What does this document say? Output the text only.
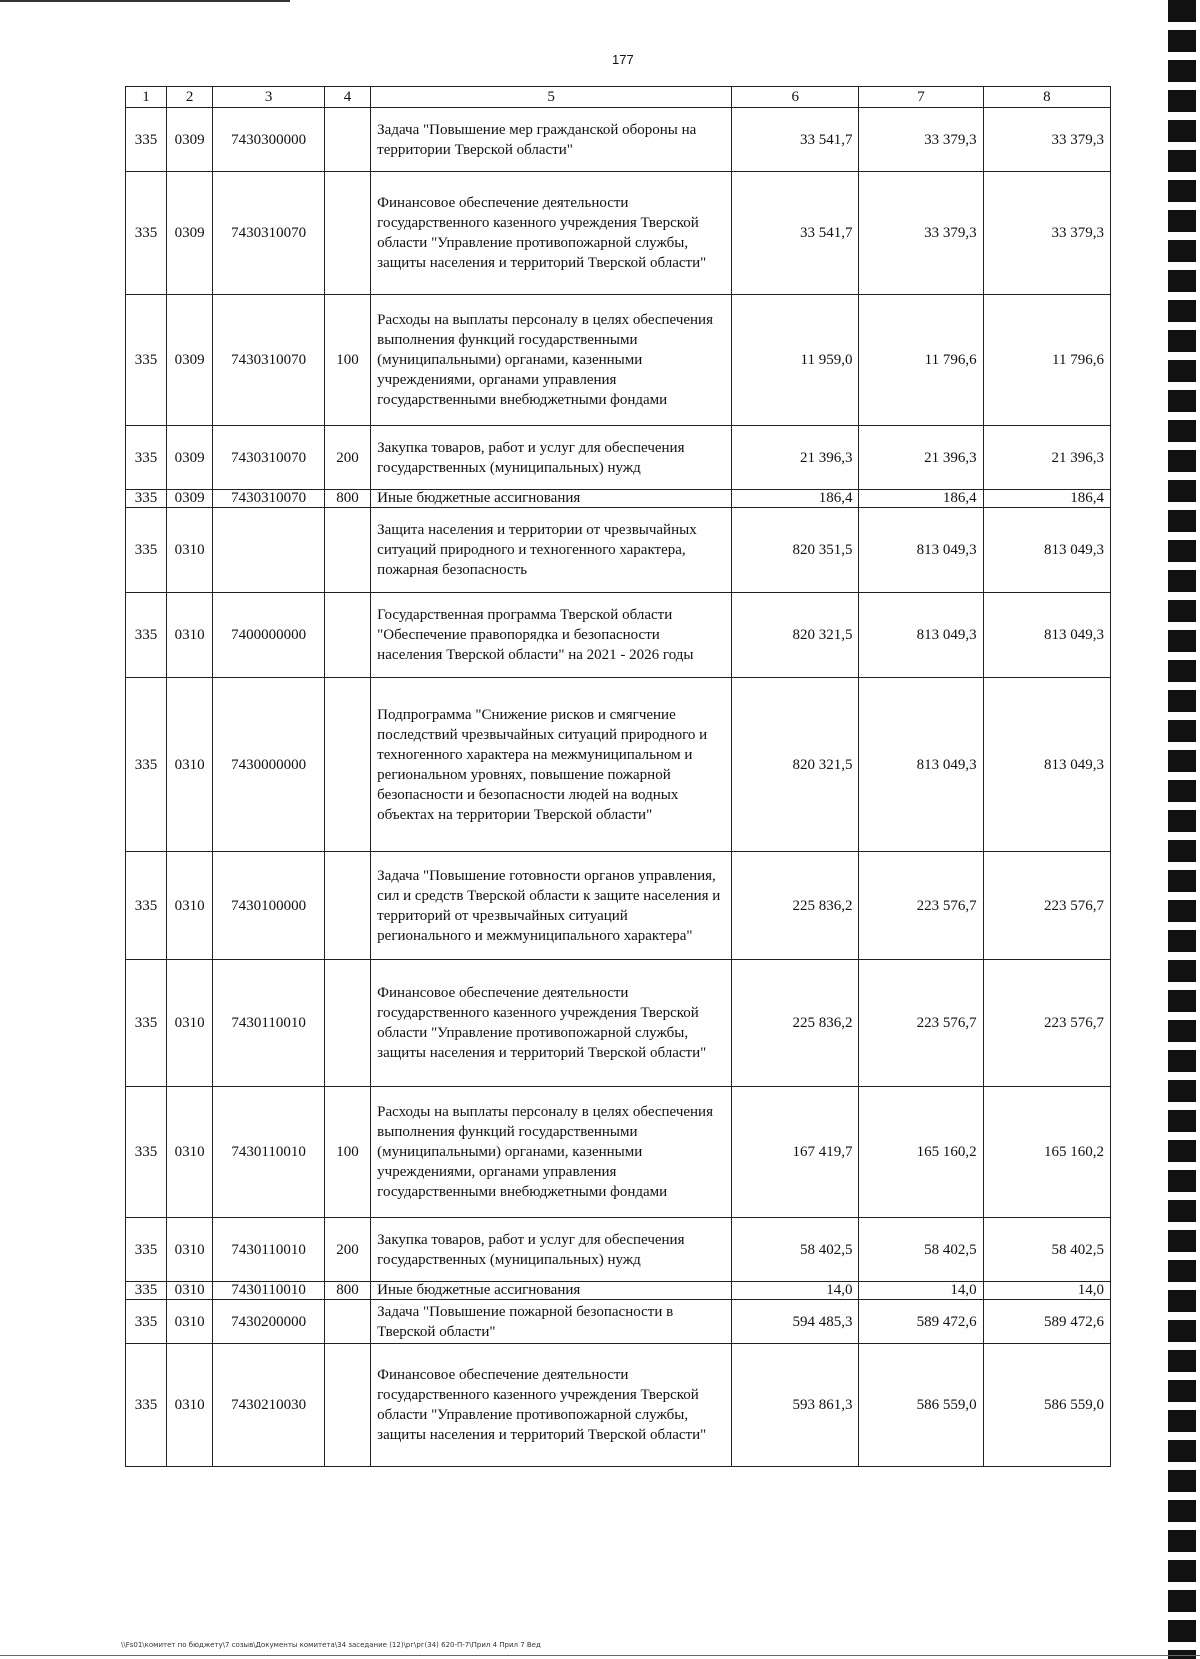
177
1	2	3	4	5	6	7	8
335	0309	7430300000		Задача "Повышение мер гражданской обороны на территории Тверской области"	33 541,7	33 379,3	33 379,3
335	0309	7430310070		Финансовое обеспечение деятельности государственного казенного учреждения Тверской области "Управление противопожарной службы, защиты населения и территорий Тверской области"	33 541,7	33 379,3	33 379,3
335	0309	7430310070	100	Расходы на выплаты персоналу в целях обеспечения выполнения функций государственными (муниципальными) органами, казенными учреждениями, органами управления государственными внебюджетными фондами	11 959,0	11 796,6	11 796,6
335	0309	7430310070	200	Закупка товаров, работ и услуг для обеспечения государственных (муниципальных) нужд	21 396,3	21 396,3	21 396,3
335	0309	7430310070	800	Иные бюджетные ассигнования	186,4	186,4	186,4
335	0310			Защита населения и территории от чрезвычайных ситуаций природного и техногенного характера, пожарная безопасность	820 351,5	813 049,3	813 049,3
335	0310	7400000000		Государственная программа Тверской области "Обеспечение правопорядка и безопасности населения Тверской области" на 2021 - 2026 годы	820 321,5	813 049,3	813 049,3
335	0310	7430000000		Подпрограмма "Снижение рисков и смягчение последствий чрезвычайных ситуаций природного и техногенного характера на межмуниципальном и региональном уровнях, повышение пожарной безопасности и безопасности людей на водных объектах на территории Тверской области"	820 321,5	813 049,3	813 049,3
335	0310	7430100000		Задача "Повышение готовности органов управления, сил и средств Тверской области к защите населения и территорий от чрезвычайных ситуаций регионального и межмуниципального характера"	225 836,2	223 576,7	223 576,7
335	0310	7430110010		Финансовое обеспечение деятельности государственного казенного учреждения Тверской области "Управление противопожарной службы, защиты населения и территорий Тверской области"	225 836,2	223 576,7	223 576,7
335	0310	7430110010	100	Расходы на выплаты персоналу в целях обеспечения выполнения функций государственными (муниципальными) органами, казенными учреждениями, органами управления государственными внебюджетными фондами	167 419,7	165 160,2	165 160,2
335	0310	7430110010	200	Закупка товаров, работ и услуг для обеспечения государственных (муниципальных) нужд	58 402,5	58 402,5	58 402,5
335	0310	7430110010	800	Иные бюджетные ассигнования	14,0	14,0	14,0
335	0310	7430200000		Задача "Повышение пожарной безопасности в Тверской области"	594 485,3	589 472,6	589 472,6
335	0310	7430210030		Финансовое обеспечение деятельности государственного казенного учреждения Тверской области "Управление противопожарной службы, защиты населения и территорий Тверской области"	593 861,3	586 559,0	586 559,0
\\Fs01\комитет по бюджету\7 созыв\Документы комитета\34 заседание (12)\рг\рг(34) 620-П-7\Прил 4 Прил 7 Вед
